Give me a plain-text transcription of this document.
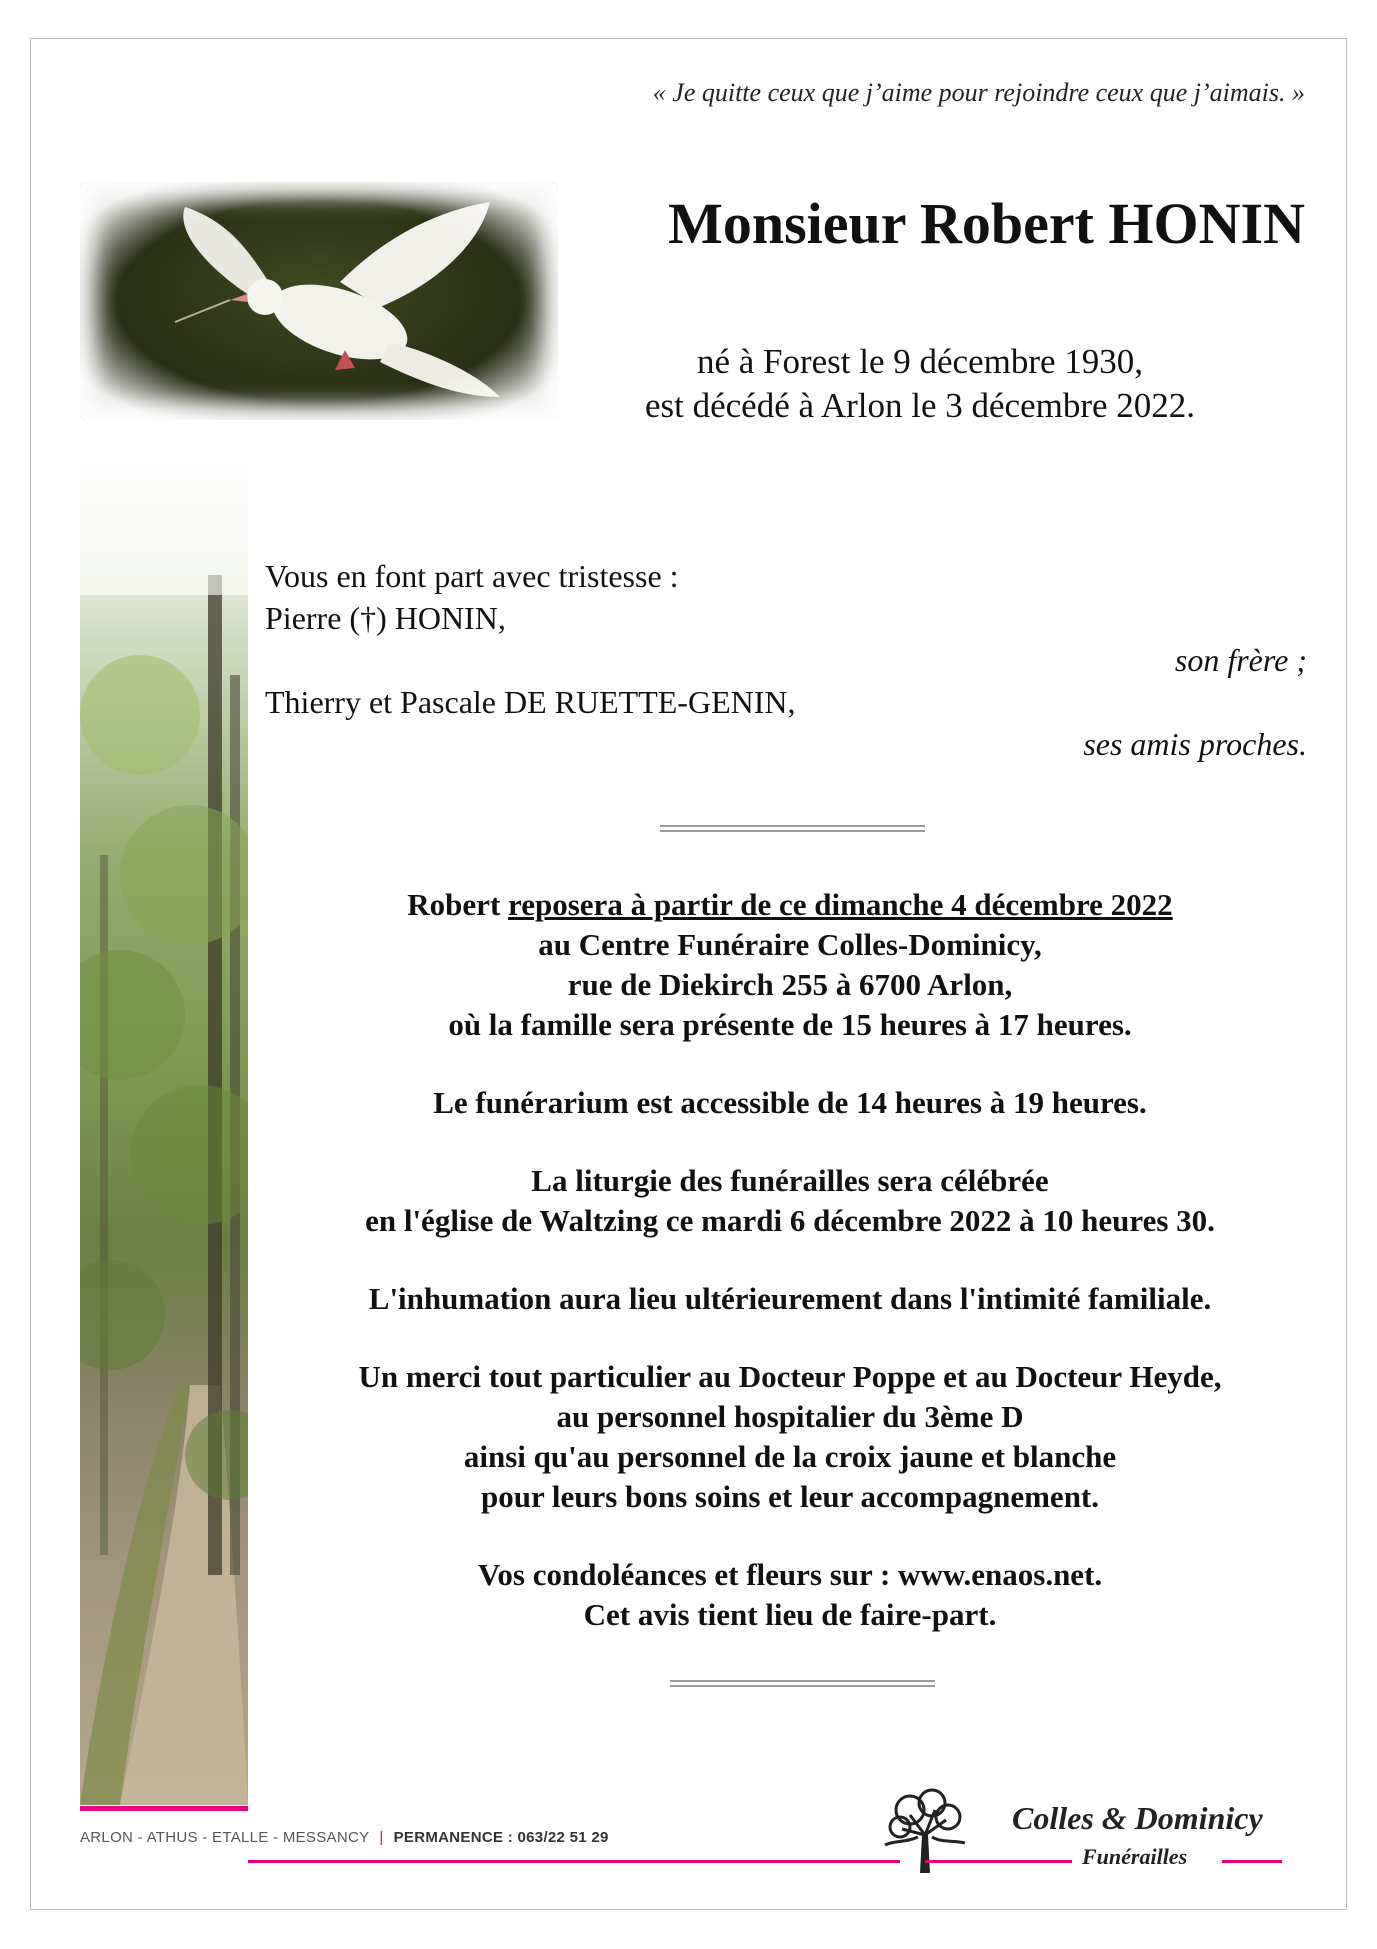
« Je quitte ceux que j’aime pour rejoindre ceux que j’aimais. »
Monsieur Robert HONIN
né à Forest le 9 décembre 1930,
est décédé à Arlon le 3 décembre 2022.
Vous en font part avec tristesse :
Pierre (†) HONIN,
son frère ;
Thierry et Pascale DE RUETTE-GENIN,
ses amis proches.
Robert reposera à partir de ce dimanche 4 décembre 2022
au Centre Funéraire Colles-Dominicy,
rue de Diekirch 255 à 6700 Arlon,
où la famille sera présente de 15 heures à 17 heures.
Le funérarium est accessible de 14 heures à 19 heures.
La liturgie des funérailles sera célébrée
en l'église de Waltzing ce mardi 6 décembre 2022 à 10 heures 30.
L'inhumation aura lieu ultérieurement dans l'intimité familiale.
Un merci tout particulier au Docteur Poppe et au Docteur Heyde,
au personnel hospitalier du 3ème D
ainsi qu'au personnel de la croix jaune et blanche
pour leurs bons soins et leur accompagnement.
Vos condoléances et fleurs sur : www.enaos.net.
Cet avis tient lieu de faire-part.
ARLON - ATHUS - ETALLE - MESSANCY | PERMANENCE : 063/22 51 29
Colles & Dominicy
Funérailles
